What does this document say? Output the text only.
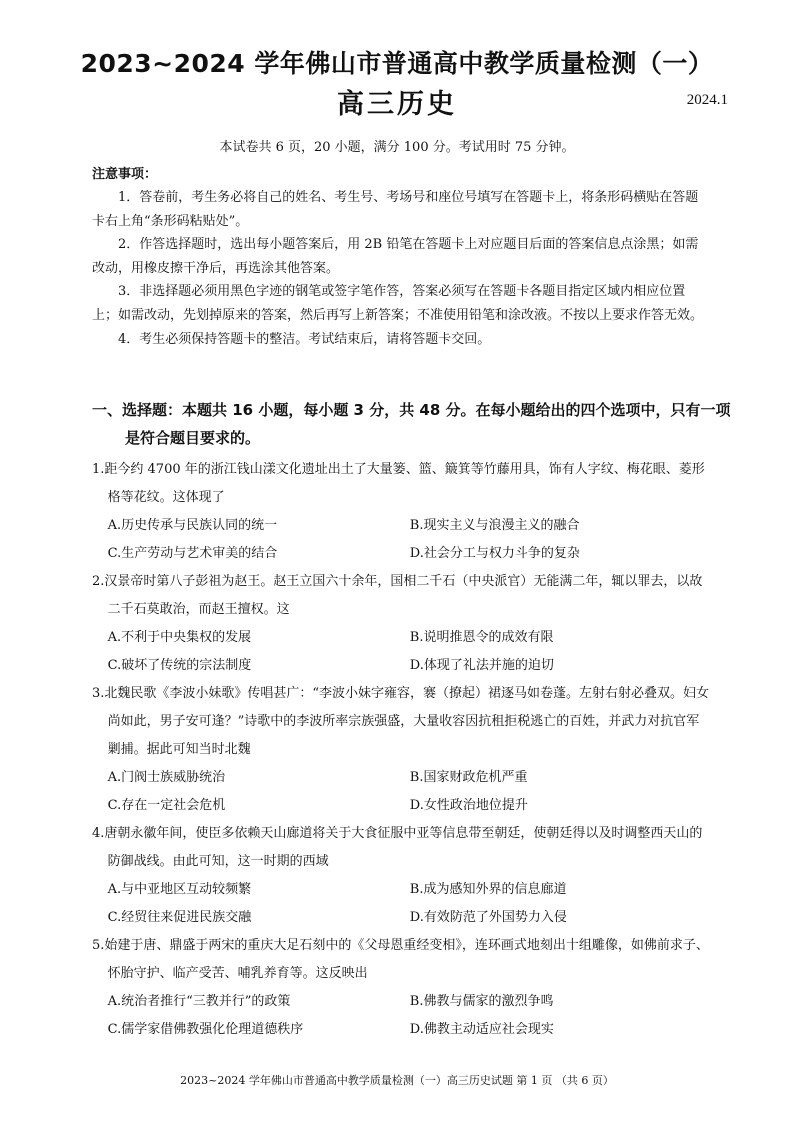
2023~2024 学年佛山市普通高中教学质量检测（一）
高三历史	2024.1
本试卷共 6 页，20 小题，满分 100 分。考试用时 75 分钟。
注意事项：

1．答卷前，考生务必将自己的姓名、考生号、考场号和座位号填写在答题卡上，将条形码横贴在答题卡右上角“条形码粘贴处”。

2．作答选择题时，选出每小题答案后，用 2B 铅笔在答题卡上对应题目后面的答案信息点涂黑；如需改动，用橡皮擦干净后，再选涂其他答案。

3．非选择题必须用黑色字迹的钢笔或签字笔作答，答案必须写在答题卡各题目指定区域内相应位置上；如需改动，先划掉原来的答案，然后再写上新答案；不准使用铅笔和涂改液。不按以上要求作答无效。

4．考生必须保持答题卡的整洁。考试结束后，请将答题卡交回。

一、选择题：本题共 16 小题，每小题 3 分，共 48 分。在每小题给出的四个选项中，只有一项是符合题目要求的。
1.距今约 4700 年的浙江钱山漾文化遗址出土了大量篓、篮、簸箕等竹藤用具，饰有人字纹、梅花眼、菱形格等花纹。这体现了
A.历史传承与民族认同的统一	B.现实主义与浪漫主义的融合
C.生产劳动与艺术审美的结合	D.社会分工与权力斗争的复杂
2.汉景帝时第八子彭祖为赵王。赵王立国六十余年，国相二千石（中央派官）无能满二年，辄以罪去，以故二千石莫敢治，而赵王擅权。这
A.不利于中央集权的发展	B.说明推恩令的成效有限
C.破坏了传统的宗法制度	D.体现了礼法并施的迫切
3.北魏民歌《李波小妹歌》传唱甚广：“李波小妹字雍容，褰（撩起）裙逐马如卷蓬。左射右射必叠双。妇女尚如此，男子安可逢？”诗歌中的李波所率宗族强盛，大量收容因抗租拒税逃亡的百姓，并武力对抗官军剿捕。据此可知当时北魏
A.门阀士族威胁统治	B.国家财政危机严重
C.存在一定社会危机	D.女性政治地位提升
4.唐朝永徽年间，使臣多依赖天山廊道将关于大食征服中亚等信息带至朝廷，使朝廷得以及时调整西天山的防御战线。由此可知，这一时期的西域
A.与中亚地区互动较频繁	B.成为感知外界的信息廊道
C.经贸往来促进民族交融	D.有效防范了外国势力入侵
5.始建于唐、鼎盛于两宋的重庆大足石刻中的《父母恩重经变相》，连环画式地刻出十组雕像，如佛前求子、怀胎守护、临产受苦、哺乳养育等。这反映出
A.统治者推行“三教并行”的政策	B.佛教与儒家的激烈争鸣
C.儒学家借佛教强化伦理道德秩序	D.佛教主动适应社会现实
2023~2024 学年佛山市普通高中教学质量检测（一）高三历史试题 第 1 页 （共 6 页）
